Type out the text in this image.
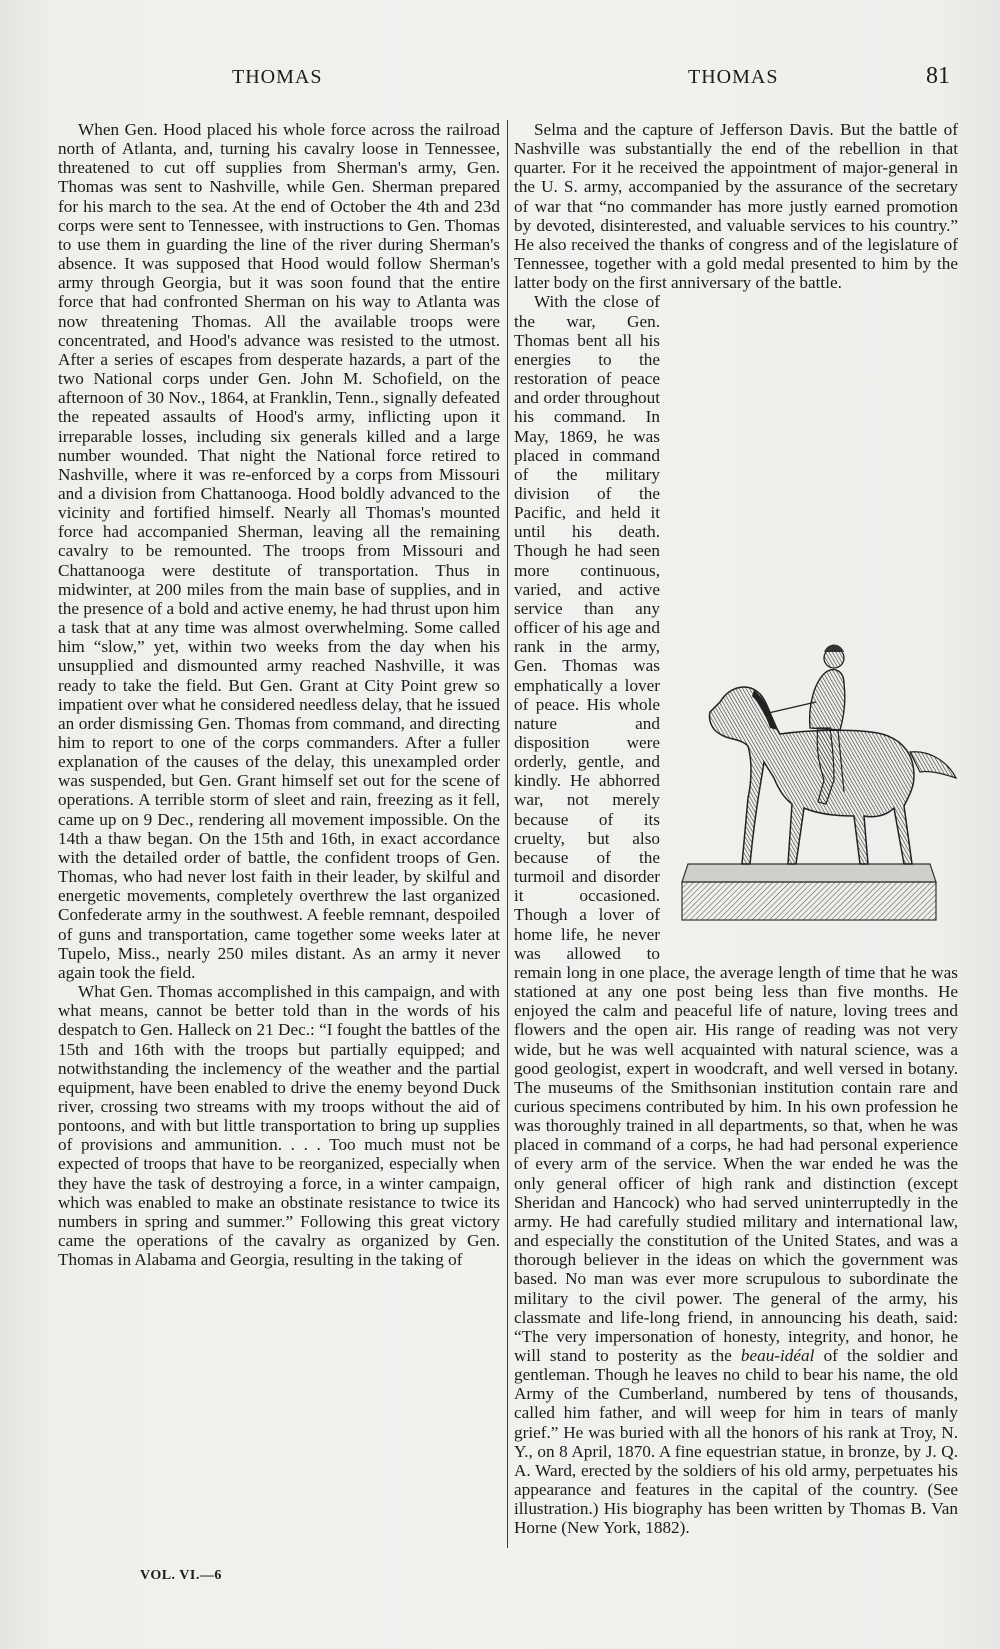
THOMAS	THOMAS	81

When Gen. Hood placed his whole force across the railroad north of Atlanta, and, turning his cavalry loose in Tennessee, threatened to cut off supplies from Sherman's army, Gen. Thomas was sent to Nashville, while Gen. Sherman prepared for his march to the sea. At the end of October the 4th and 23d corps were sent to Tennessee, with instructions to Gen. Thomas to use them in guarding the line of the river during Sherman's absence. It was supposed that Hood would follow Sherman's army through Georgia, but it was soon found that the entire force that had confronted Sherman on his way to Atlanta was now threatening Thomas. All the available troops were concentrated, and Hood's advance was resisted to the utmost. After a series of escapes from desperate hazards, a part of the two National corps under Gen. John M. Schofield, on the afternoon of 30 Nov., 1864, at Franklin, Tenn., signally defeated the repeated assaults of Hood's army, inflicting upon it irreparable losses, including six generals killed and a large number wounded. That night the National force retired to Nashville, where it was re-enforced by a corps from Missouri and a division from Chattanooga. Hood boldly advanced to the vicinity and fortified himself. Nearly all Thomas's mounted force had accompanied Sherman, leaving all the remaining cavalry to be remounted. The troops from Missouri and Chattanooga were destitute of transportation. Thus in midwinter, at 200 miles from the main base of supplies, and in the presence of a bold and active enemy, he had thrust upon him a task that at any time was almost overwhelming. Some called him “slow,” yet, within two weeks from the day when his unsupplied and dismounted army reached Nashville, it was ready to take the field. But Gen. Grant at City Point grew so impatient over what he considered needless delay, that he issued an order dismissing Gen. Thomas from command, and directing him to report to one of the corps commanders. After a fuller explanation of the causes of the delay, this unexampled order was suspended, but Gen. Grant himself set out for the scene of operations. A terrible storm of sleet and rain, freezing as it fell, came up on 9 Dec., rendering all movement impossible. On the 14th a thaw began. On the 15th and 16th, in exact accordance with the detailed order of battle, the confident troops of Gen. Thomas, who had never lost faith in their leader, by skilful and energetic movements, completely overthrew the last organized Confederate army in the southwest. A feeble remnant, despoiled of guns and transportation, came together some weeks later at Tupelo, Miss., nearly 250 miles distant. As an army it never again took the field.

What Gen. Thomas accomplished in this campaign, and with what means, cannot be better told than in the words of his despatch to Gen. Halleck on 21 Dec.: “I fought the battles of the 15th and 16th with the troops but partially equipped; and notwithstanding the inclemency of the weather and the partial equipment, have been enabled to drive the enemy beyond Duck river, crossing two streams with my troops without the aid of pontoons, and with but little transportation to bring up supplies of provisions and ammunition. . . . Too much must not be expected of troops that have to be reorganized, especially when they have the task of destroying a force, in a winter campaign, which was enabled to make an obstinate resistance to twice its numbers in spring and summer.” Following this great victory came the operations of the cavalry as organized by Gen. Thomas in Alabama and Georgia, resulting in the taking of

Selma and the capture of Jefferson Davis. But the battle of Nashville was substantially the end of the rebellion in that quarter. For it he received the appointment of major-general in the U. S. army, accompanied by the assurance of the secretary of war that “no commander has more justly earned promotion by devoted, disinterested, and valuable services to his country.” He also received the thanks of congress and of the legislature of Tennessee, together with a gold medal presented to him by the latter body on the first anniversary of the battle.

With the close of the war, Gen. Thomas bent all his energies to the restoration of peace and order throughout his command. In May, 1869, he was placed in command of the military division of the Pacific, and held it until his death. Though he had seen more continuous, varied, and active service than any officer of his age and rank in the army, Gen. Thomas was emphatically a lover of peace. His whole nature and disposition were orderly, gentle, and kindly. He abhorred war, not merely because of its cruelty, but also because of the turmoil and disorder it occasioned. Though a lover of home life, he never was allowed to remain long in one place, the average length of time that he was stationed at any one post being less than five months. He enjoyed the calm and peaceful life of nature, loving trees and flowers and the open air. His range of reading was not very wide, but he was well acquainted with natural science, was a good geologist, expert in woodcraft, and well versed in botany. The museums of the Smithsonian institution contain rare and curious specimens contributed by him. In his own profession he was thoroughly trained in all departments, so that, when he was placed in command of a corps, he had had personal experience of every arm of the service. When the war ended he was the only general officer of high rank and distinction (except Sheridan and Hancock) who had served uninterruptedly in the army. He had carefully studied military and international law, and especially the constitution of the United States, and was a thorough believer in the ideas on which the government was based. No man was ever more scrupulous to subordinate the military to the civil power. The general of the army, his classmate and life-long friend, in announcing his death, said: “The very impersonation of honesty, integrity, and honor, he will stand to posterity as the beau-idéal of the soldier and gentleman. Though he leaves no child to bear his name, the old Army of the Cumberland, numbered by tens of thousands, called him father, and will weep for him in tears of manly grief.” He was buried with all the honors of his rank at Troy, N. Y., on 8 April, 1870. A fine equestrian statue, in bronze, by J. Q. A. Ward, erected by the soldiers of his old army, perpetuates his appearance and features in the capital of the country. (See illustration.) His biography has been written by Thomas B. Van Horne (New York, 1882).

VOL. VI.—6
